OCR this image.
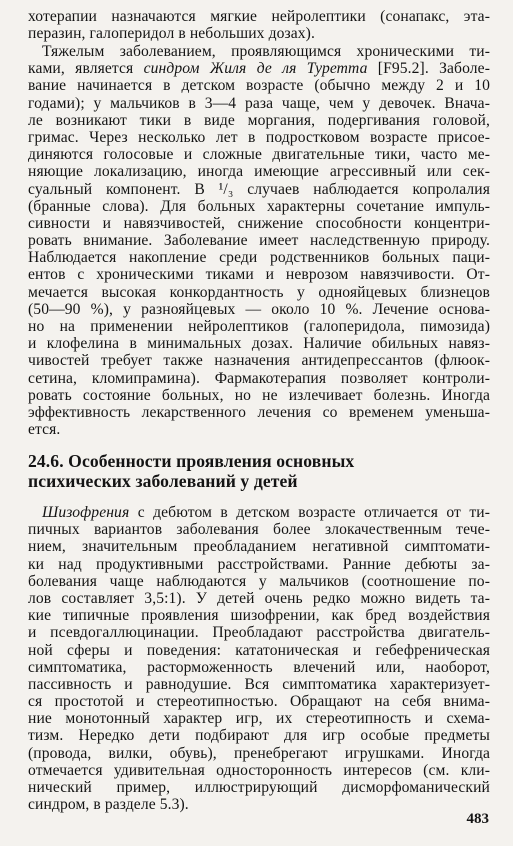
хотерапии назначаются мягкие нейролептики (сонапакс, эта-
перазин, галоперидол в небольших дозах).
Тяжелым заболеванием, проявляющимся хроническими ти-
ками, является синдром Жиля де ля Туретта [F95.2]. Заболе-
вание начинается в детском возрасте (обычно между 2 и 10
годами); у мальчиков в 3—4 раза чаще, чем у девочек. Внача-
ле возникают тики в виде моргания, подергивания головой,
гримас. Через несколько лет в подростковом возрасте присое-
диняются голосовые и сложные двигательные тики, часто ме-
няющие локализацию, иногда имеющие агрессивный или сек-
суальный компонент. В ¹/₃ случаев наблюдается копролалия
(бранные слова). Для больных характерны сочетание импуль-
сивности и навязчивостей, снижение способности концентри-
ровать внимание. Заболевание имеет наследственную природу.
Наблюдается накопление среди родственников больных паци-
ентов с хроническими тиками и неврозом навязчивости. От-
мечается высокая конкордантность у однояйцевых близнецов
(50—90 %), у разнояйцевых — около 10 %. Лечение основа-
но на применении нейролептиков (галоперидола, пимозида)
и клофелина в минимальных дозах. Наличие обильных навяз-
чивостей требует также назначения антидепрессантов (флюок-
сетина, кломипрамина). Фармакотерапия позволяет контроли-
ровать состояние больных, но не излечивает болезнь. Иногда
эффективность лекарственного лечения со временем уменьша-
ется.
24.6. Особенности проявления основных
психических заболеваний у детей
Шизофрения с дебютом в детском возрасте отличается от ти-
пичных вариантов заболевания более злокачественным тече-
нием, значительным преобладанием негативной симптомати-
ки над продуктивными расстройствами. Ранние дебюты за-
болевания чаще наблюдаются у мальчиков (соотношение по-
лов составляет 3,5:1). У детей очень редко можно видеть та-
кие типичные проявления шизофрении, как бред воздействия
и псевдогаллюцинации. Преобладают расстройства двигатель-
ной сферы и поведения: кататоническая и гебефреническая
симптоматика, расторможенность влечений или, наоборот,
пассивность и равнодушие. Вся симптоматика характеризует-
ся простотой и стереотипностью. Обращают на себя внима-
ние монотонный характер игр, их стереотипность и схема-
тизм. Нередко дети подбирают для игр особые предметы
(провода, вилки, обувь), пренебрегают игрушками. Иногда
отмечается удивительная односторонность интересов (см. кли-
нический пример, иллюстрирующий дисморфоманический
синдром, в разделе 5.3).
483
